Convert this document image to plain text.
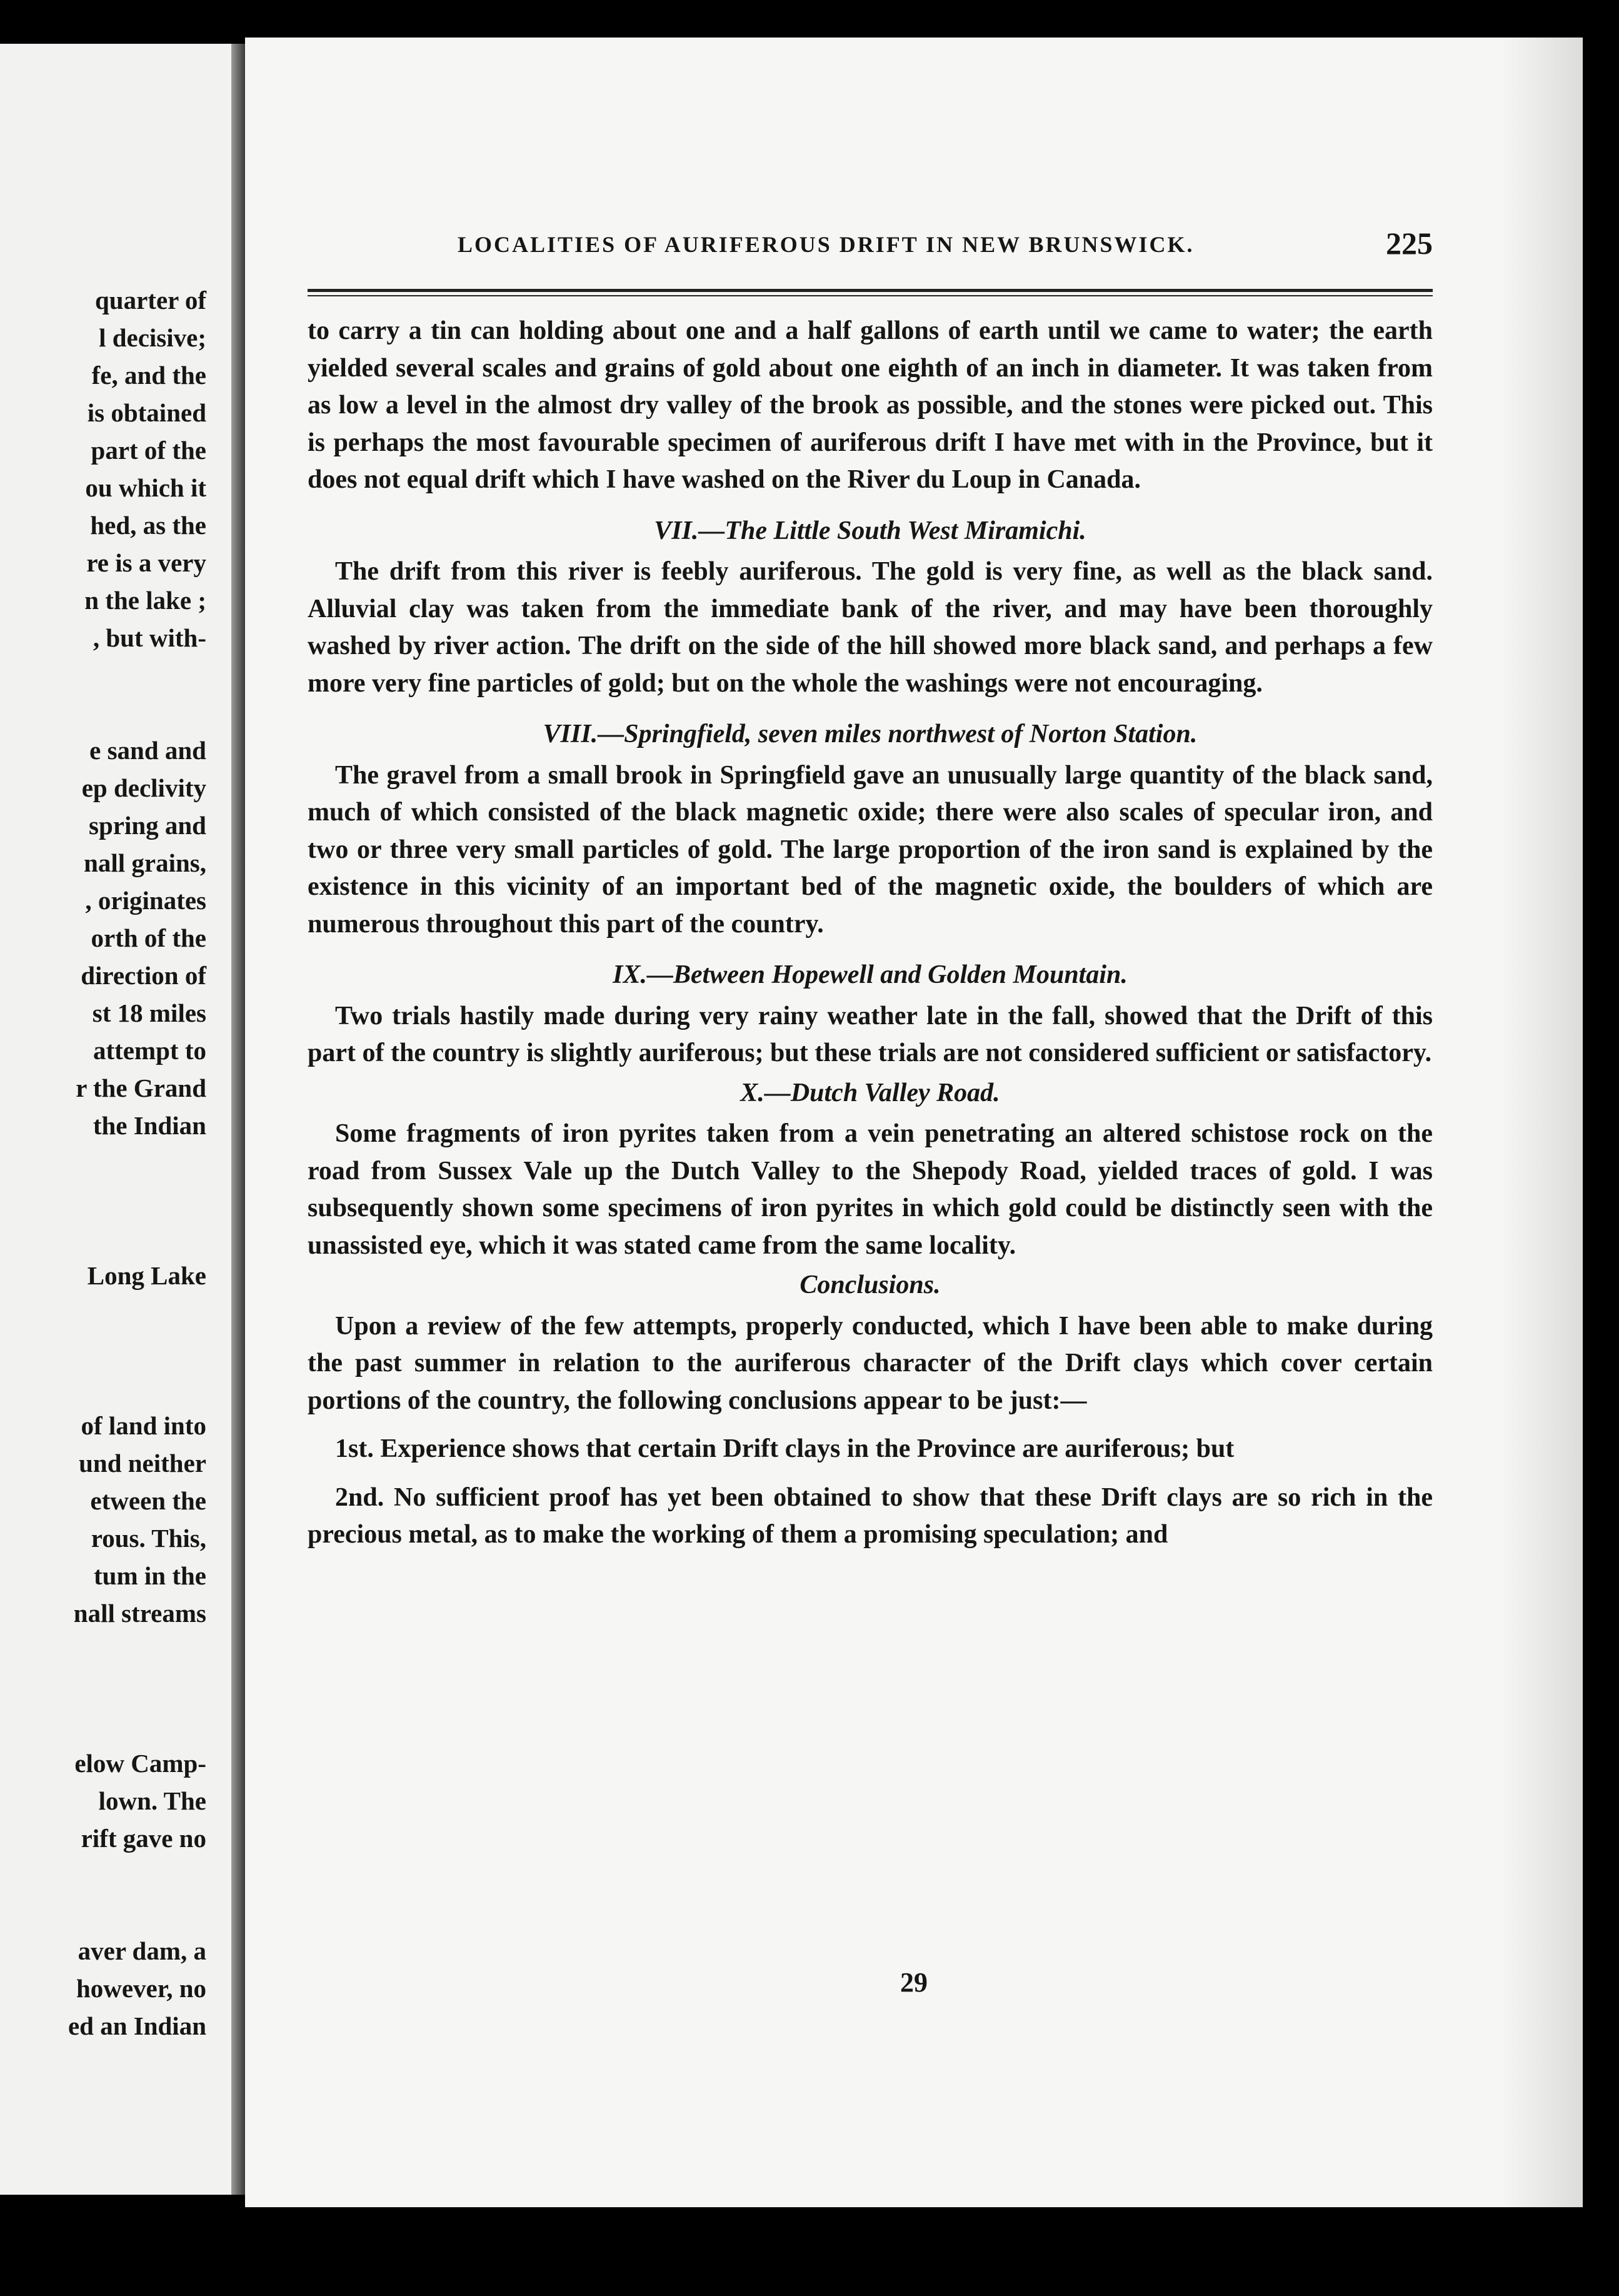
quarter of
l decisive;
fe, and the
is obtained
part of the
ou which it
hed, as the
re is a very
n the lake ;
, but with-
e sand and
ep declivity
spring and
nall grains,
, originates
orth of the
direction of
st 18 miles
attempt to
r the Grand
the Indian
Long Lake
of land into
und neither
etween the
rous. This,
tum in the
nall streams
elow Camp-
lown. The
rift gave no
aver dam, a
however, no
ed an Indian
LOCALITIES OF AURIFEROUS DRIFT IN NEW BRUNSWICK.	225

to carry a tin can holding about one and a half gallons of earth until we came to water; the earth yielded several scales and grains of gold about one eighth of an inch in diameter. It was taken from as low a level in the almost dry valley of the brook as possible, and the stones were picked out. This is perhaps the most favourable specimen of auriferous drift I have met with in the Province, but it does not equal drift which I have washed on the River du Loup in Canada.

VII.—The Little South West Miramichi.

The drift from this river is feebly auriferous. The gold is very fine, as well as the black sand. Alluvial clay was taken from the immediate bank of the river, and may have been thoroughly washed by river action. The drift on the side of the hill showed more black sand, and perhaps a few more very fine particles of gold; but on the whole the washings were not encouraging.

VIII.—Springfield, seven miles northwest of Norton Station.

The gravel from a small brook in Springfield gave an unusually large quantity of the black sand, much of which consisted of the black magnetic oxide; there were also scales of specular iron, and two or three very small particles of gold. The large proportion of the iron sand is explained by the existence in this vicinity of an important bed of the magnetic oxide, the boulders of which are numerous throughout this part of the country.

IX.—Between Hopewell and Golden Mountain.

Two trials hastily made during very rainy weather late in the fall, showed that the Drift of this part of the country is slightly auriferous; but these trials are not considered sufficient or satisfactory.

X.—Dutch Valley Road.

Some fragments of iron pyrites taken from a vein penetrating an altered schistose rock on the road from Sussex Vale up the Dutch Valley to the Shepody Road, yielded traces of gold. I was subsequently shown some specimens of iron pyrites in which gold could be distinctly seen with the unassisted eye, which it was stated came from the same locality.

Conclusions.

Upon a review of the few attempts, properly conducted, which I have been able to make during the past summer in relation to the auriferous character of the Drift clays which cover certain portions of the country, the following conclusions appear to be just:—

1st. Experience shows that certain Drift clays in the Province are auriferous; but

2nd. No sufficient proof has yet been obtained to show that these Drift clays are so rich in the precious metal, as to make the working of them a promising speculation; and

29
